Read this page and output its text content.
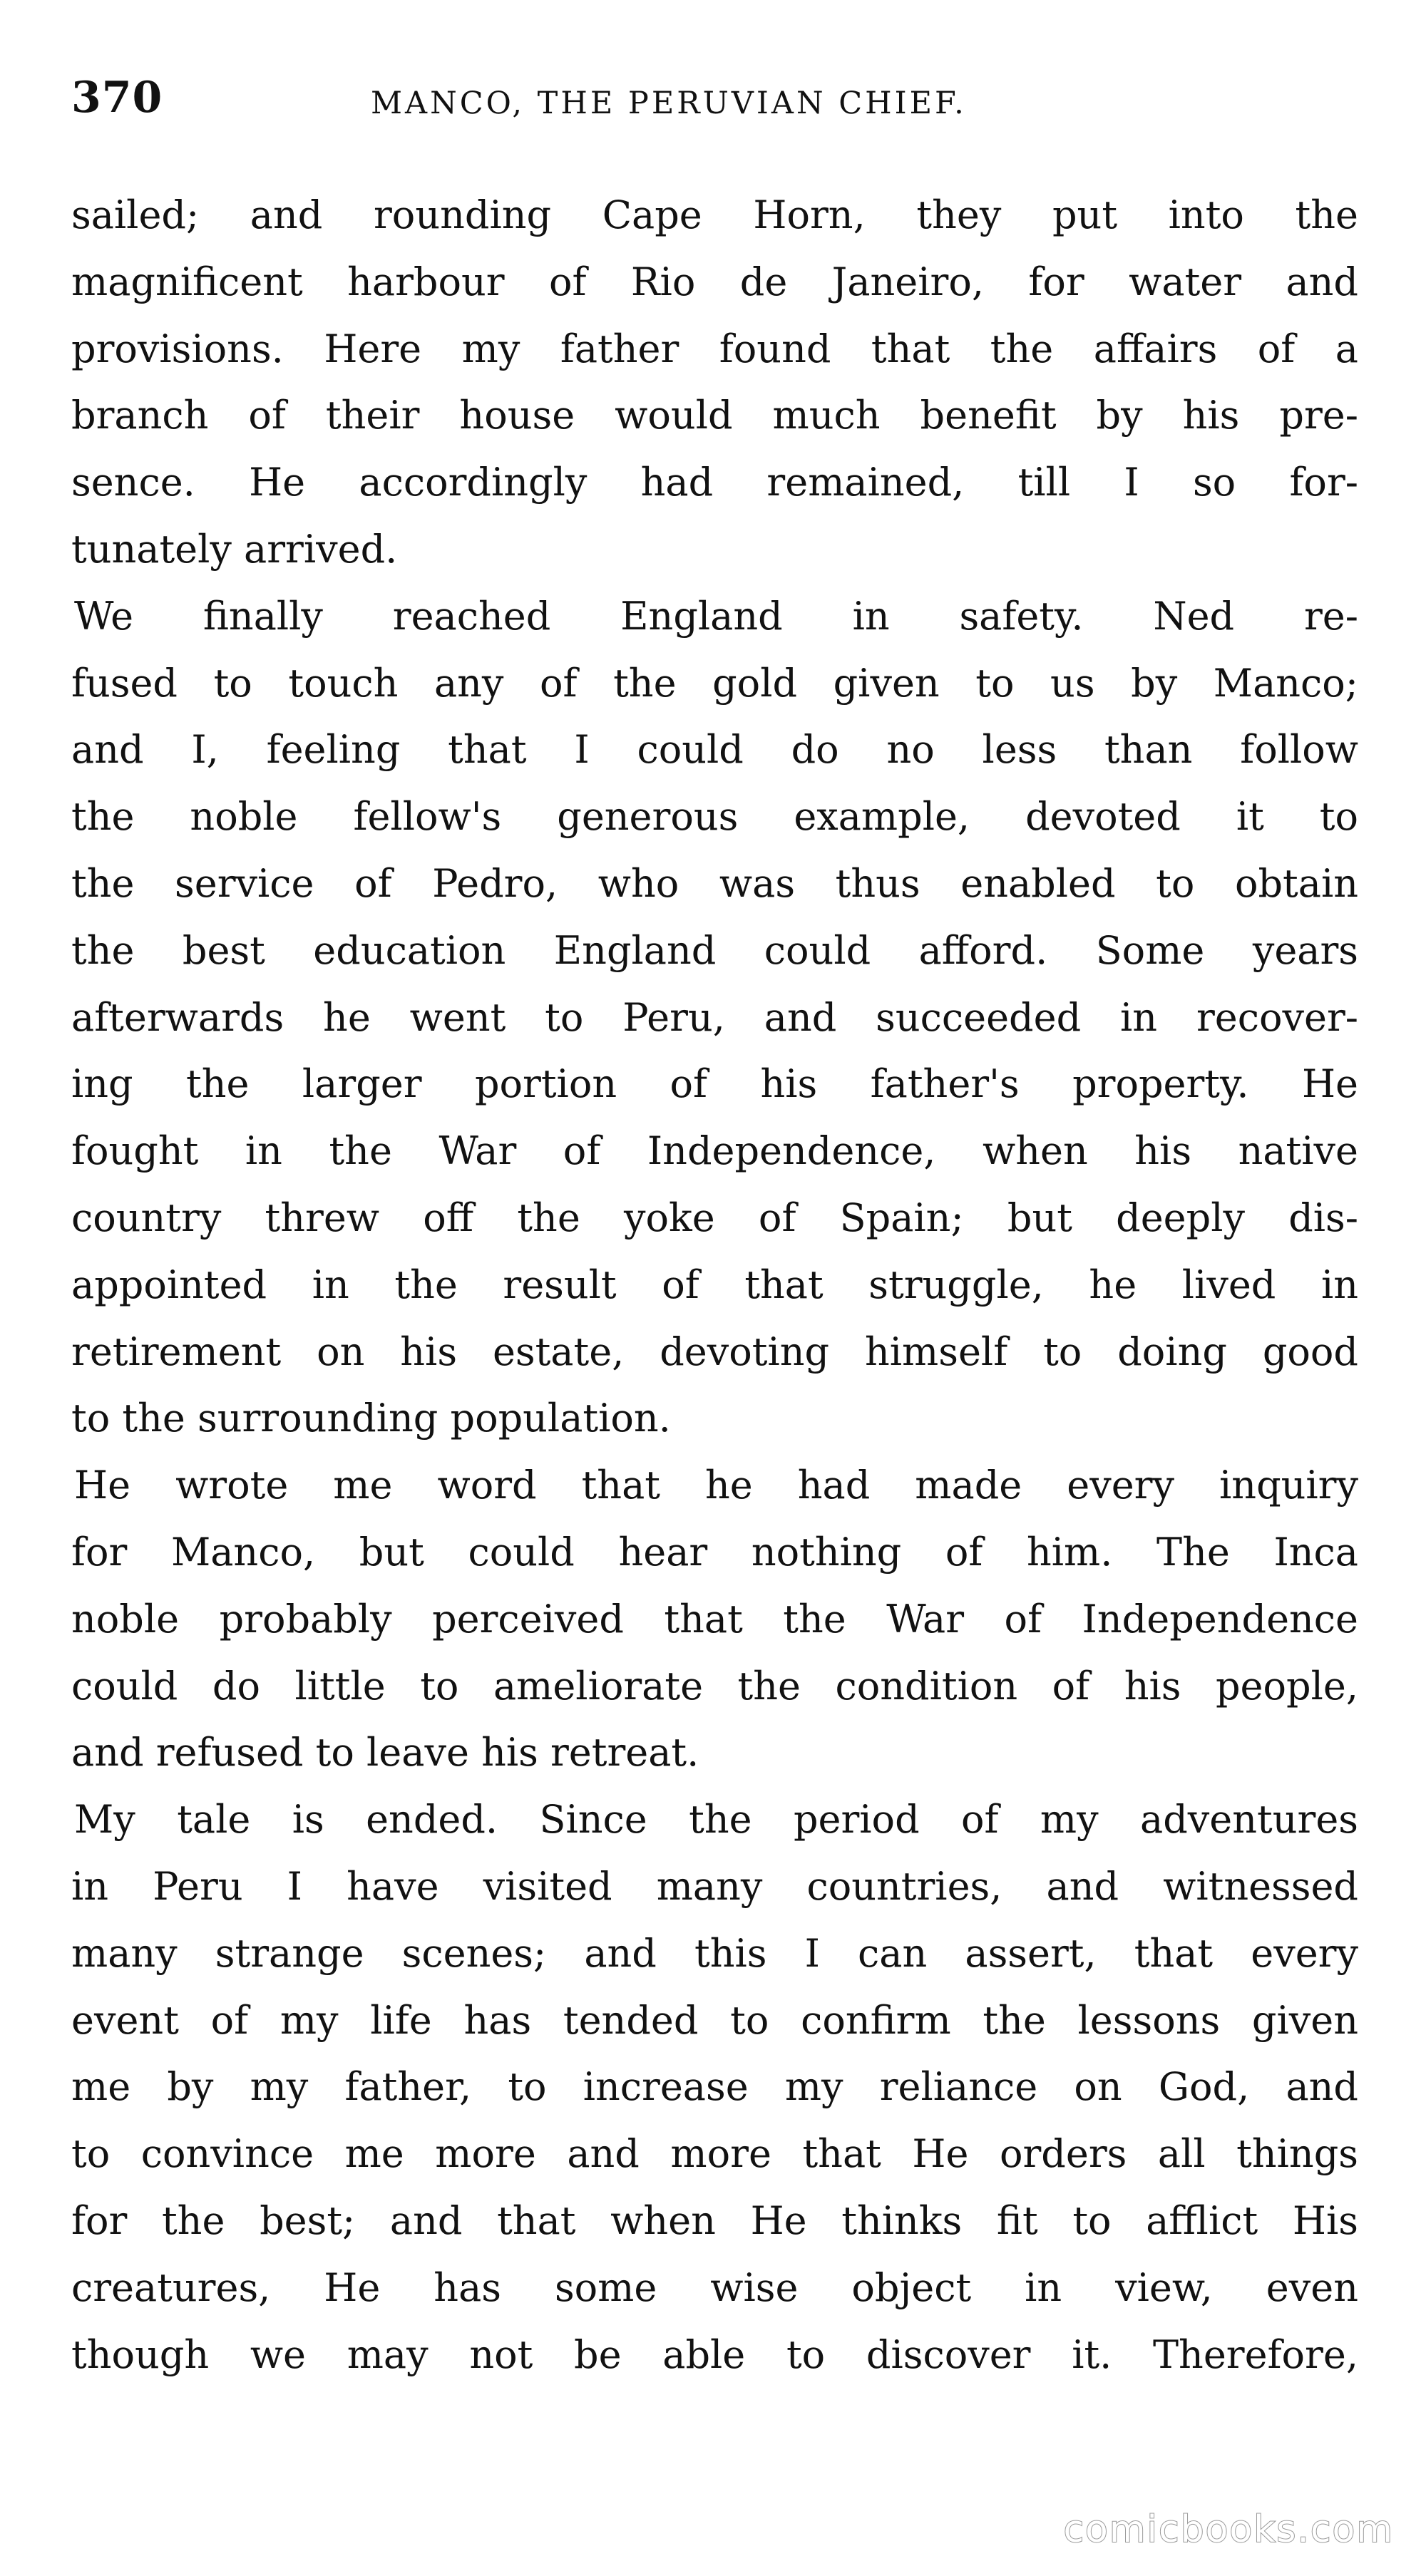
370	MANCO, THE PERUVIAN CHIEF.
sailed; and rounding Cape Horn, they put into the
magnificent harbour of Rio de Janeiro, for water and
provisions. Here my father found that the affairs of a
branch of their house would much benefit by his pre-
sence. He accordingly had remained, till I so for-
tunately arrived.
We finally reached England in safety. Ned re-
fused to touch any of the gold given to us by Manco;
and I, feeling that I could do no less than follow
the noble fellow's generous example, devoted it to
the service of Pedro, who was thus enabled to obtain
the best education England could afford. Some years
afterwards he went to Peru, and succeeded in recover-
ing the larger portion of his father's property. He
fought in the War of Independence, when his native
country threw off the yoke of Spain; but deeply dis-
appointed in the result of that struggle, he lived in
retirement on his estate, devoting himself to doing good
to the surrounding population.
He wrote me word that he had made every inquiry
for Manco, but could hear nothing of him. The Inca
noble probably perceived that the War of Independence
could do little to ameliorate the condition of his people,
and refused to leave his retreat.
My tale is ended. Since the period of my adventures
in Peru I have visited many countries, and witnessed
many strange scenes; and this I can assert, that every
event of my life has tended to confirm the lessons given
me by my father, to increase my reliance on God, and
to convince me more and more that He orders all things
for the best; and that when He thinks fit to afflict His
creatures, He has some wise object in view, even
though we may not be able to discover it. Therefore,
comicbooks.com
